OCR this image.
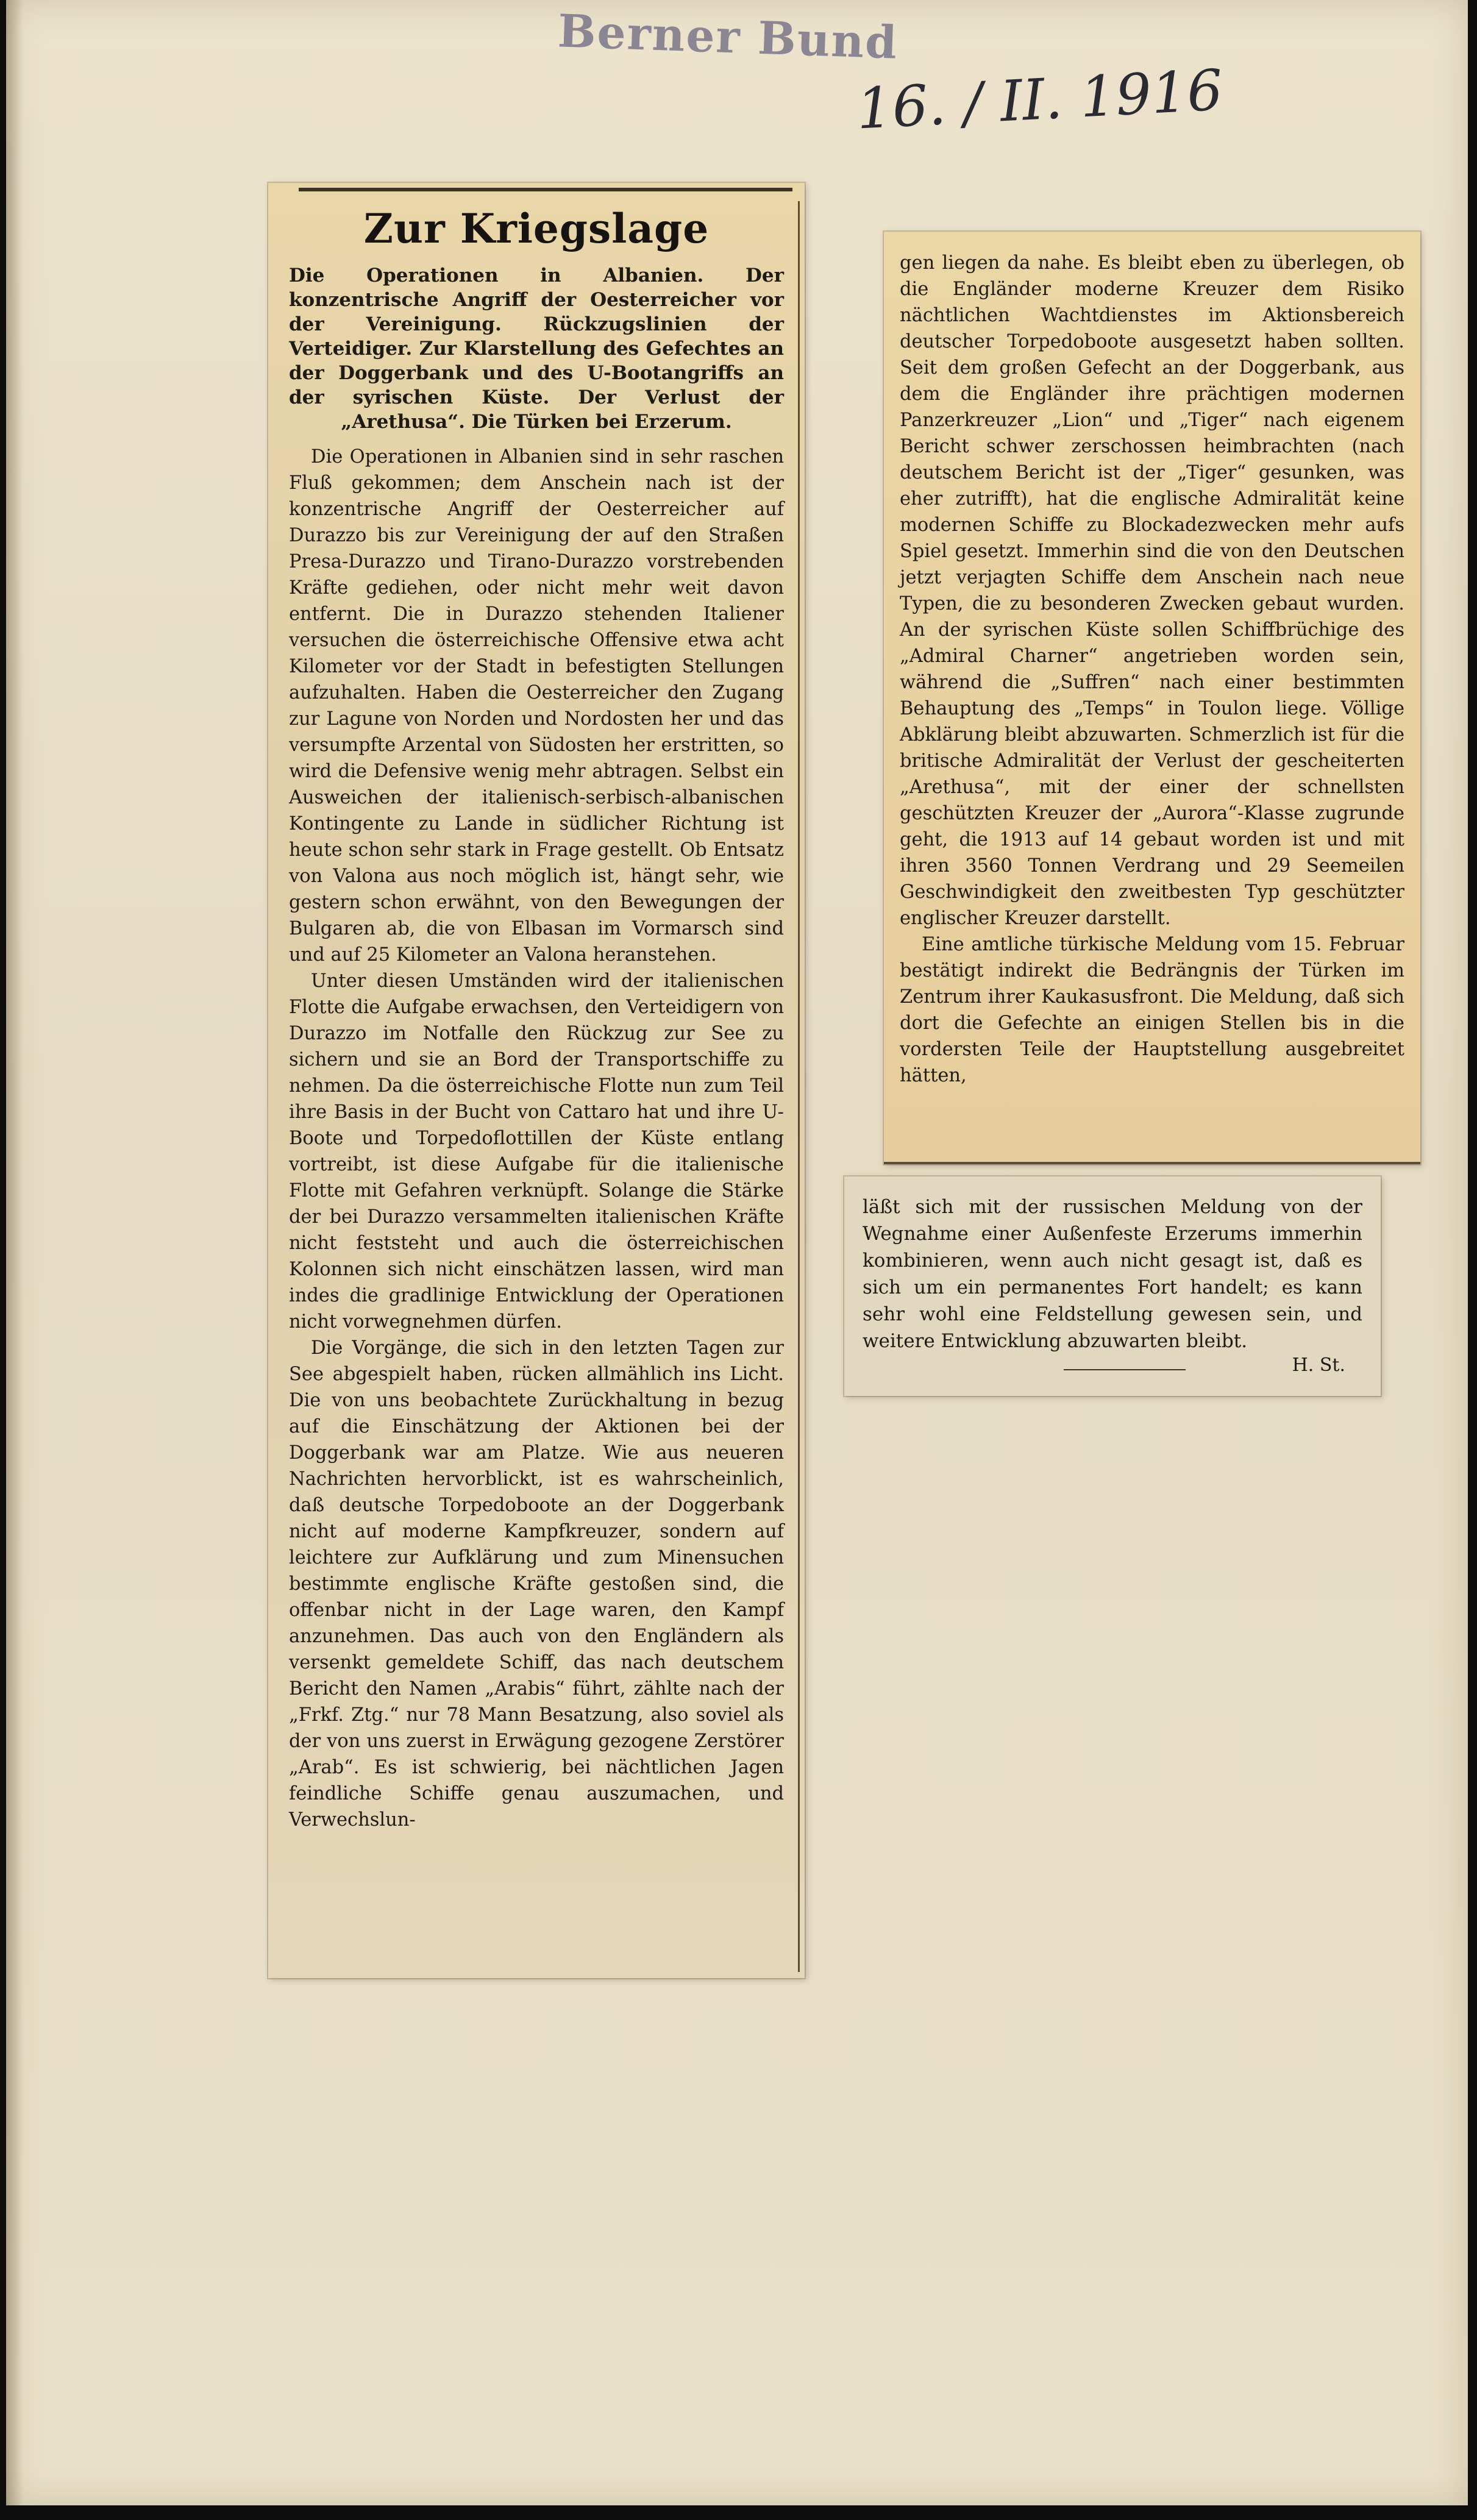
Berner Bund
16. / II. 1916
Zur Kriegslage
Die Operationen in Albanien. Der konzentrische Angriff der Oesterreicher vor der Vereinigung. Rückzugslinien der Verteidiger. Zur Klarstellung des Gefechtes an der Doggerbank und des U-Bootangriffs an der syrischen Küste. Der Verlust der „Arethusa“. Die Türken bei Erzerum.

Die Operationen in Albanien sind in sehr raschen Fluß gekommen; dem Anschein nach ist der konzentrische Angriff der Oesterreicher auf Durazzo bis zur Vereinigung der auf den Straßen Presa-Durazzo und Tirano-Durazzo vorstrebenden Kräfte gediehen, oder nicht mehr weit davon entfernt. Die in Durazzo stehenden Italiener versuchen die österreichische Offensive etwa acht Kilometer vor der Stadt in befestigten Stellungen aufzuhalten. Haben die Oesterreicher den Zugang zur Lagune von Norden und Nordosten her und das versumpfte Arzental von Südosten her erstritten, so wird die Defensive wenig mehr abtragen. Selbst ein Ausweichen der italienisch-serbisch-albanischen Kontingente zu Lande in südlicher Richtung ist heute schon sehr stark in Frage gestellt. Ob Entsatz von Valona aus noch möglich ist, hängt sehr, wie gestern schon erwähnt, von den Bewegungen der Bulgaren ab, die von Elbasan im Vormarsch sind und auf 25 Kilometer an Valona heranstehen.

Unter diesen Umständen wird der italienischen Flotte die Aufgabe erwachsen, den Verteidigern von Durazzo im Notfalle den Rückzug zur See zu sichern und sie an Bord der Transportschiffe zu nehmen. Da die österreichische Flotte nun zum Teil ihre Basis in der Bucht von Cattaro hat und ihre U-Boote und Torpedoflottillen der Küste entlang vortreibt, ist diese Aufgabe für die italienische Flotte mit Gefahren verknüpft. Solange die Stärke der bei Durazzo versammelten italienischen Kräfte nicht feststeht und auch die österreichischen Kolonnen sich nicht einschätzen lassen, wird man indes die gradlinige Entwicklung der Operationen nicht vorwegnehmen dürfen.

Die Vorgänge, die sich in den letzten Tagen zur See abgespielt haben, rücken allmählich ins Licht. Die von uns beobachtete Zurückhaltung in bezug auf die Einschätzung der Aktionen bei der Doggerbank war am Platze. Wie aus neueren Nachrichten hervorblickt, ist es wahrscheinlich, daß deutsche Torpedoboote an der Doggerbank nicht auf moderne Kampfkreuzer, sondern auf leichtere zur Aufklärung und zum Minensuchen bestimmte englische Kräfte gestoßen sind, die offenbar nicht in der Lage waren, den Kampf anzunehmen. Das auch von den Engländern als versenkt gemeldete Schiff, das nach deutschem Bericht den Namen „Arabis“ führt, zählte nach der „Frkf. Ztg.“ nur 78 Mann Besatzung, also soviel als der von uns zuerst in Erwägung gezogene Zerstörer „Arab“. Es ist schwierig, bei nächtlichen Jagen feindliche Schiffe genau auszumachen, und Verwechslun-

gen liegen da nahe. Es bleibt eben zu überlegen, ob die Engländer moderne Kreuzer dem Risiko nächtlichen Wachtdienstes im Aktionsbereich deutscher Torpedoboote ausgesetzt haben sollten. Seit dem großen Gefecht an der Doggerbank, aus dem die Engländer ihre prächtigen modernen Panzerkreuzer „Lion“ und „Tiger“ nach eigenem Bericht schwer zerschossen heimbrachten (nach deutschem Bericht ist der „Tiger“ gesunken, was eher zutrifft), hat die englische Admiralität keine modernen Schiffe zu Blockadezwecken mehr aufs Spiel gesetzt. Immerhin sind die von den Deutschen jetzt verjagten Schiffe dem Anschein nach neue Typen, die zu besonderen Zwecken gebaut wurden. An der syrischen Küste sollen Schiffbrüchige des „Admiral Charner“ angetrieben worden sein, während die „Suffren“ nach einer bestimmten Behauptung des „Temps“ in Toulon liege. Völlige Abklärung bleibt abzuwarten. Schmerzlich ist für die britische Admiralität der Verlust der gescheiterten „Arethusa“, mit der einer der schnellsten geschützten Kreuzer der „Aurora“-Klasse zugrunde geht, die 1913 auf 14 gebaut worden ist und mit ihren 3560 Tonnen Verdrang und 29 Seemeilen Geschwindigkeit den zweitbesten Typ geschützter englischer Kreuzer darstellt.

Eine amtliche türkische Meldung vom 15. Februar bestätigt indirekt die Bedrängnis der Türken im Zentrum ihrer Kaukasusfront. Die Meldung, daß sich dort die Gefechte an einigen Stellen bis in die vordersten Teile der Hauptstellung ausgebreitet hätten,

läßt sich mit der russischen Meldung von der Wegnahme einer Außenfeste Erzerums immerhin kombinieren, wenn auch nicht gesagt ist, daß es sich um ein permanentes Fort handelt; es kann sehr wohl eine Feldstellung gewesen sein, und weitere Entwicklung abzuwarten bleibt.

H. St.
